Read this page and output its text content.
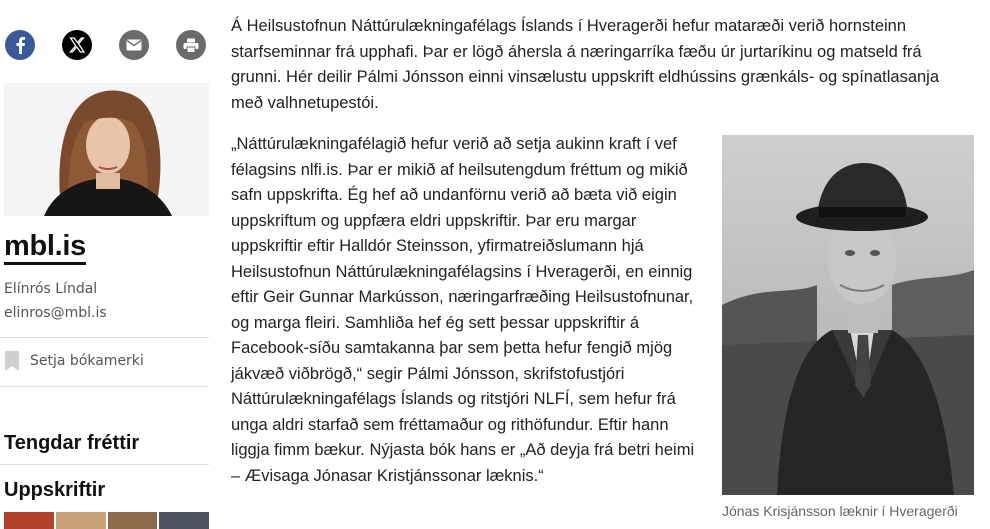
mbl.is
Elínrós Líndal
elinros@mbl.is
Setja bókamerki
Tengdar fréttir
Uppskriftir

Á Heilsustofnun Náttúrulækningafélags Íslands í Hveragerði hefur mataræði verið hornsteinn starfseminnar frá upphafi. Þar er lögð áhersla á næringarríka fæðu úr jurtaríkinu og matseld frá grunni. Hér deilir Pálmi Jónsson einni vinsælustu uppskrift eldhússins grænkáls- og spínatlasanja með valhnetupestói.

„Náttúrulækningafélagið hefur verið að setja aukinn kraft í vef félagsins nlfi.is. Þar er mikið af heilsutengdum fréttum og mikið safn uppskrifta. Ég hef að undanförnu verið að bæta við eigin uppskriftum og uppfæra eldri uppskriftir. Þar eru margar uppskriftir eftir Halldór Steinsson, yfirmatreiðslumann hjá Heilsustofnun Náttúrulækningafélagsins í Hveragerði, en einnig eftir Geir Gunnar Markússon, næringarfræðing Heilsustofnunar, og marga fleiri. Samhliða hef ég sett þessar uppskriftir á Facebook-síðu samtakanna þar sem þetta hefur fengið mjög jákvæð viðbrögð,“ segir Pálmi Jónsson, skrifstofustjóri Náttúrulækningafélags Íslands og ritstjóri NLFÍ, sem hefur frá unga aldri starfað sem fréttamaður og rithöfundur. Eftir hann liggja fimm bækur. Nýjasta bók hans er „Að deyja frá betri heimi – Ævisaga Jónasar Kristjánssonar læknis.“

Jónas Krisjánsson læknir í Hveragerði
